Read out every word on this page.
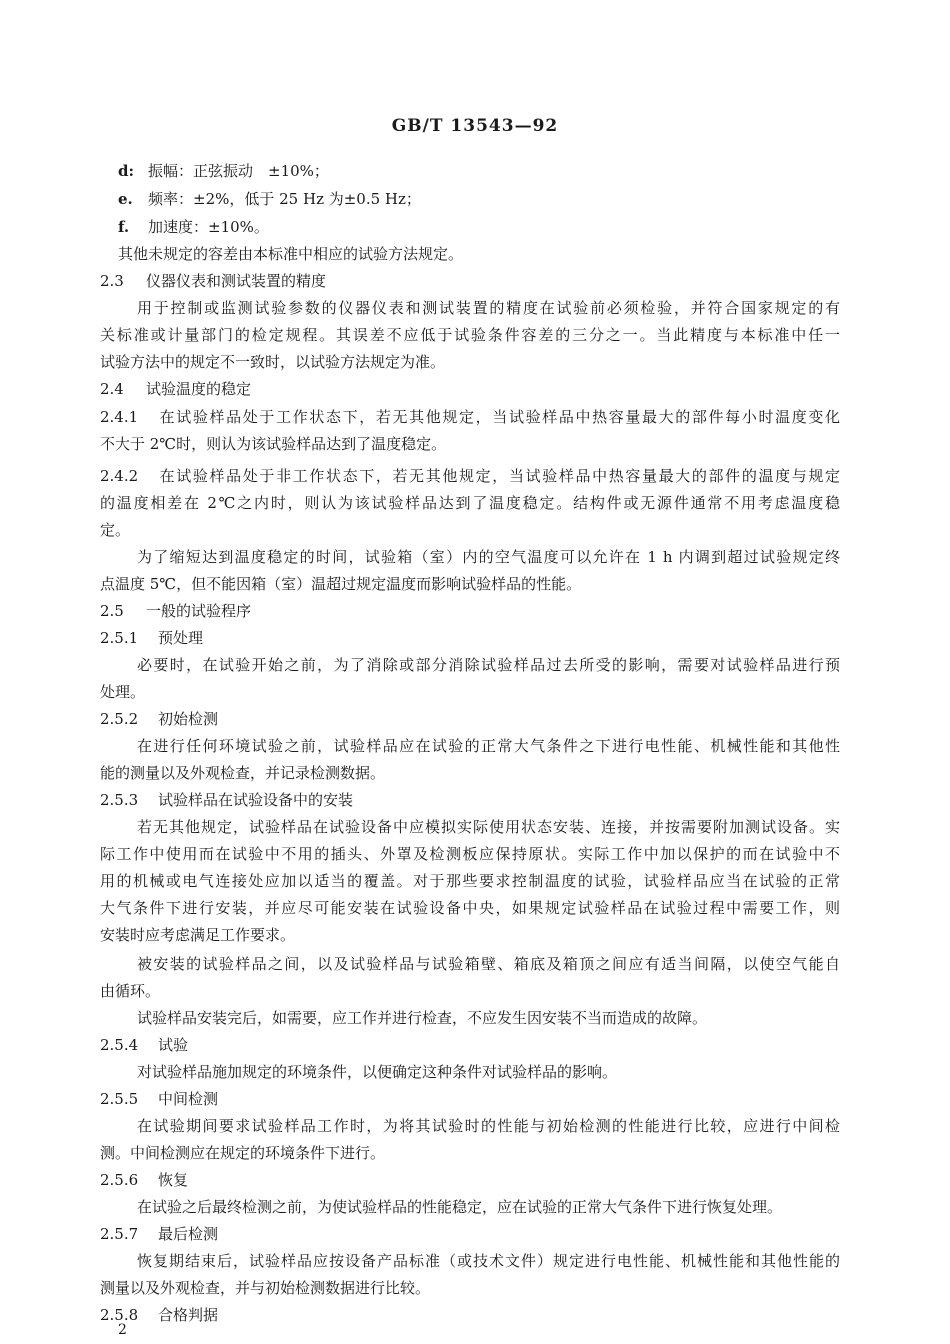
GB/T 13543—92
d: 振幅：正弦振动　±10%；
e. 频率：±2%，低于 25 Hz 为±0.5 Hz；
f. 加速度：±10%。
其他未规定的容差由本标准中相应的试验方法规定。
2.3 仪器仪表和测试装置的精度
用于控制或监测试验参数的仪器仪表和测试装置的精度在试验前必须检验，并符合国家规定的有
关标准或计量部门的检定规程。其误差不应低于试验条件容差的三分之一。当此精度与本标准中任一
试验方法中的规定不一致时，以试验方法规定为准。
2.4 试验温度的稳定
2.4.1 在试验样品处于工作状态下，若无其他规定，当试验样品中热容量最大的部件每小时温度变化
不大于 2℃时，则认为该试验样品达到了温度稳定。
2.4.2 在试验样品处于非工作状态下，若无其他规定，当试验样品中热容量最大的部件的温度与规定
的温度相差在 2℃之内时，则认为该试验样品达到了温度稳定。结构件或无源件通常不用考虑温度稳
定。
为了缩短达到温度稳定的时间，试验箱（室）内的空气温度可以允许在 1 h 内调到超过试验规定终
点温度 5℃，但不能因箱（室）温超过规定温度而影响试验样品的性能。
2.5 一般的试验程序
2.5.1 预处理
必要时，在试验开始之前，为了消除或部分消除试验样品过去所受的影响，需要对试验样品进行预
处理。
2.5.2 初始检测
在进行任何环境试验之前，试验样品应在试验的正常大气条件之下进行电性能、机械性能和其他性
能的测量以及外观检查，并记录检测数据。
2.5.3 试验样品在试验设备中的安装
若无其他规定，试验样品在试验设备中应模拟实际使用状态安装、连接，并按需要附加测试设备。实
际工作中使用而在试验中不用的插头、外罩及检测板应保持原状。实际工作中加以保护的而在试验中不
用的机械或电气连接处应加以适当的覆盖。对于那些要求控制温度的试验，试验样品应当在试验的正常
大气条件下进行安装，并应尽可能安装在试验设备中央，如果规定试验样品在试验过程中需要工作，则
安装时应考虑满足工作要求。
被安装的试验样品之间，以及试验样品与试验箱壁、箱底及箱顶之间应有适当间隔，以使空气能自
由循环。
试验样品安装完后，如需要，应工作并进行检查，不应发生因安装不当而造成的故障。
2.5.4 试验
对试验样品施加规定的环境条件，以便确定这种条件对试验样品的影响。
2.5.5 中间检测
在试验期间要求试验样品工作时，为将其试验时的性能与初始检测的性能进行比较，应进行中间检
测。中间检测应在规定的环境条件下进行。
2.5.6 恢复
在试验之后最终检测之前，为使试验样品的性能稳定，应在试验的正常大气条件下进行恢复处理。
2.5.7 最后检测
恢复期结束后，试验样品应按设备产品标准（或技术文件）规定进行电性能、机械性能和其他性能的
测量以及外观检查，并与初始检测数据进行比较。
2.5.8 合格判据
2
